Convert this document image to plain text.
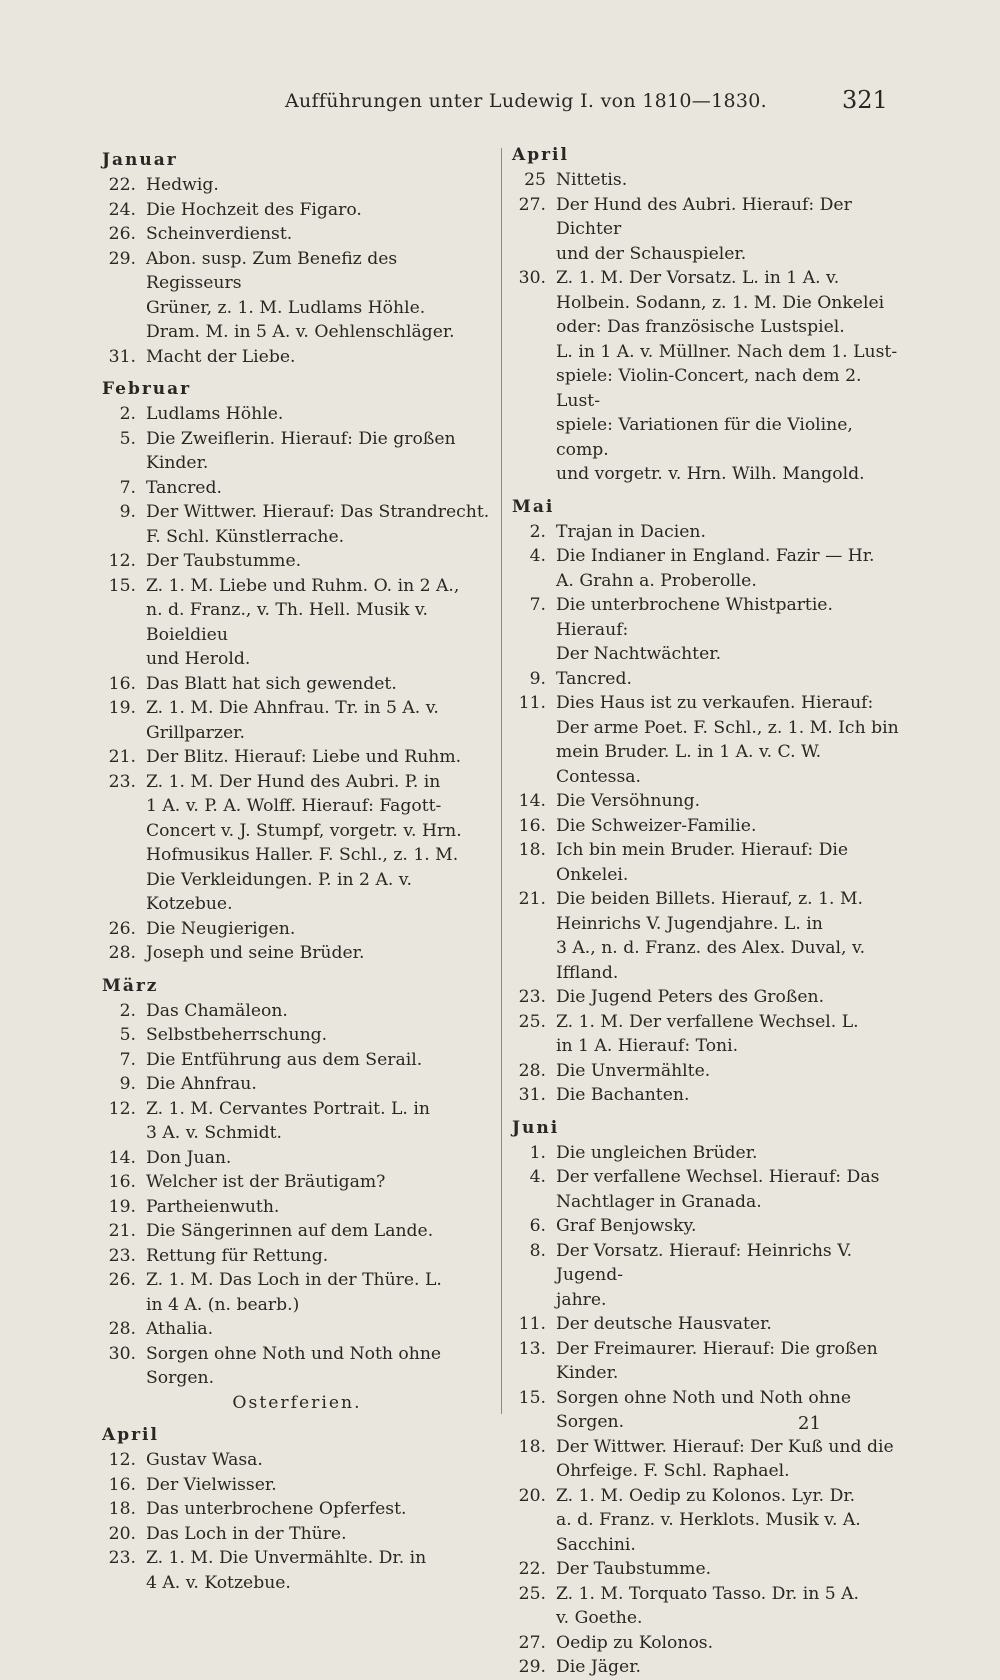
Aufführungen unter Ludewig I. von 1810—1830.	321
Januar
22. Hedwig.
24. Die Hochzeit des Figaro.
26. Scheinverdienst.
29. Abon. susp. Zum Benefiz des Regisseurs
Grüner, z. 1. M. Ludlams Höhle.
Dram. M. in 5 A. v. Oehlenschläger.
31. Macht der Liebe.
Februar
2. Ludlams Höhle.
5. Die Zweiflerin. Hierauf: Die großen
Kinder.
7. Tancred.
9. Der Wittwer. Hierauf: Das Strandrecht.
F. Schl. Künstlerrache.
12. Der Taubstumme.
15. Z. 1. M. Liebe und Ruhm. O. in 2 A.,
n. d. Franz., v. Th. Hell. Musik v. Boieldieu
und Herold.
16. Das Blatt hat sich gewendet.
19. Z. 1. M. Die Ahnfrau. Tr. in 5 A. v.
Grillparzer.
21. Der Blitz. Hierauf: Liebe und Ruhm.
23. Z. 1. M. Der Hund des Aubri. P. in
1 A. v. P. A. Wolff. Hierauf: Fagott-
Concert v. J. Stumpf, vorgetr. v. Hrn.
Hofmusikus Haller. F. Schl., z. 1. M.
Die Verkleidungen. P. in 2 A. v.
Kotzebue.
26. Die Neugierigen.
28. Joseph und seine Brüder.
März
2. Das Chamäleon.
5. Selbstbeherrschung.
7. Die Entführung aus dem Serail.
9. Die Ahnfrau.
12. Z. 1. M. Cervantes Portrait. L. in
3 A. v. Schmidt.
14. Don Juan.
16. Welcher ist der Bräutigam?
19. Partheienwuth.
21. Die Sängerinnen auf dem Lande.
23. Rettung für Rettung.
26. Z. 1. M. Das Loch in der Thüre. L.
in 4 A. (n. bearb.)
28. Athalia.
30. Sorgen ohne Noth und Noth ohne Sorgen.
Osterferien.
April
12. Gustav Wasa.
16. Der Vielwisser.
18. Das unterbrochene Opferfest.
20. Das Loch in der Thüre.
23. Z. 1. M. Die Unvermählte. Dr. in
4 A. v. Kotzebue.
April
25 Nittetis.
27. Der Hund des Aubri. Hierauf: Der Dichter
und der Schauspieler.
30. Z. 1. M. Der Vorsatz. L. in 1 A. v.
Holbein. Sodann, z. 1. M. Die Onkelei
oder: Das französische Lustspiel.
L. in 1 A. v. Müllner. Nach dem 1. Lust-
spiele: Violin-Concert, nach dem 2. Lust-
spiele: Variationen für die Violine, comp.
und vorgetr. v. Hrn. Wilh. Mangold.
Mai
2. Trajan in Dacien.
4. Die Indianer in England. Fazir — Hr.
A. Grahn a. Proberolle.
7. Die unterbrochene Whistpartie. Hierauf:
Der Nachtwächter.
9. Tancred.
11. Dies Haus ist zu verkaufen. Hierauf:
Der arme Poet. F. Schl., z. 1. M. Ich bin
mein Bruder. L. in 1 A. v. C. W. Contessa.
14. Die Versöhnung.
16. Die Schweizer-Familie.
18. Ich bin mein Bruder. Hierauf: Die Onkelei.
21. Die beiden Billets. Hierauf, z. 1. M.
Heinrichs V. Jugendjahre. L. in
3 A., n. d. Franz. des Alex. Duval, v.
Iffland.
23. Die Jugend Peters des Großen.
25. Z. 1. M. Der verfallene Wechsel. L.
in 1 A. Hierauf: Toni.
28. Die Unvermählte.
31. Die Bachanten.
Juni
1. Die ungleichen Brüder.
4. Der verfallene Wechsel. Hierauf: Das
Nachtlager in Granada.
6. Graf Benjowsky.
8. Der Vorsatz. Hierauf: Heinrichs V. Jugend-
jahre.
11. Der deutsche Hausvater.
13. Der Freimaurer. Hierauf: Die großen
Kinder.
15. Sorgen ohne Noth und Noth ohne Sorgen.
18. Der Wittwer. Hierauf: Der Kuß und die
Ohrfeige. F. Schl. Raphael.
20. Z. 1. M. Oedip zu Kolonos. Lyr. Dr.
a. d. Franz. v. Herklots. Musik v. A.
Sacchini.
22. Der Taubstumme.
25. Z. 1. M. Torquato Tasso. Dr. in 5 A.
v. Goethe.
27. Oedip zu Kolonos.
29. Die Jäger.
21
